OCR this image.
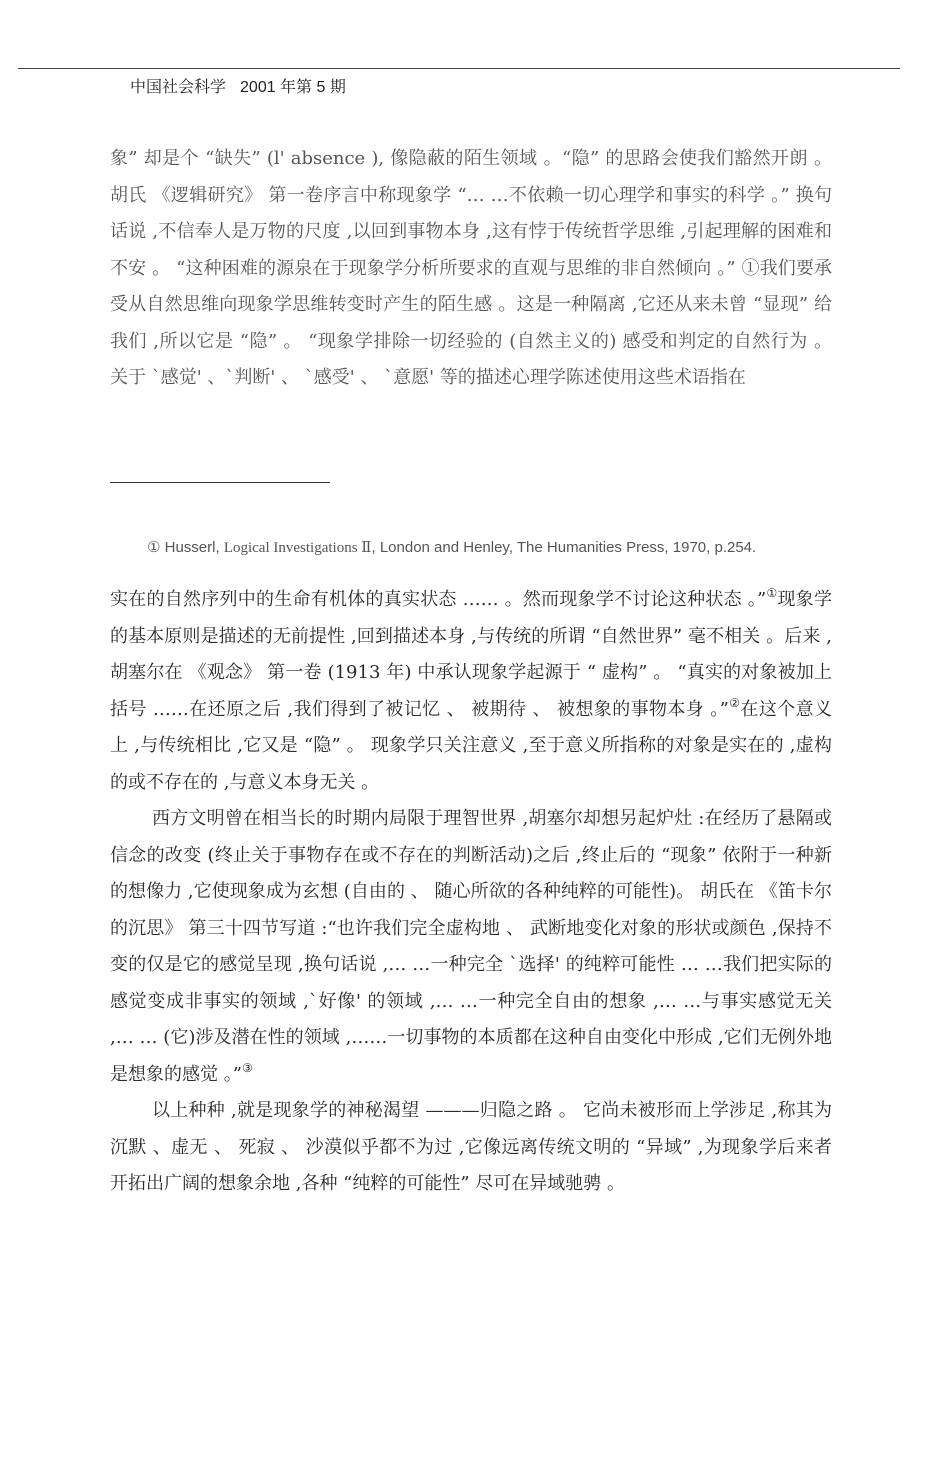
中国社会科学 2001 年第 5 期

象” 却是个 “缺失” (l' absence ), 像隐蔽的陌生领域 。“隐” 的思路会使我们豁然开朗 。 胡氏 《逻辑研究》 第一卷序言中称现象学 “… …不依赖一切心理学和事实的科学 。” 换句话说 ,不信奉人是万物的尺度 ,以回到事物本身 ,这有悖于传统哲学思维 ,引起理解的困难和不安 。 “这种困难的源泉在于现象学分析所要求的直观与思维的非自然倾向 。” ①我们要承受从自然思维向现象学思维转变时产生的陌生感 。这是一种隔离 ,它还从来未曾 “显现” 给我们 ,所以它是 “隐” 。 “现象学排除一切经验的 (自然主义的) 感受和判定的自然行为 。 关于 `感觉' 、`判断' 、 `感受' 、 `意愿' 等的描述心理学陈述使用这些术语指在

① Husserl, Logical Investigations Ⅱ, London and Henley, The Humanities Press, 1970, p.254.

实在的自然序列中的生命有机体的真实状态 …… 。然而现象学不讨论这种状态 。”①现象学的基本原则是描述的无前提性 ,回到描述本身 ,与传统的所谓 “自然世界” 毫不相关 。后来 ,胡塞尔在 《观念》 第一卷 (1913 年) 中承认现象学起源于 “ 虚构” 。 “真实的对象被加上括号 ……在还原之后 ,我们得到了被记忆 、 被期待 、 被想象的事物本身 。”②在这个意义上 ,与传统相比 ,它又是 “隐” 。 现象学只关注意义 ,至于意义所指称的对象是实在的 ,虚构的或不存在的 ,与意义本身无关 。

西方文明曾在相当长的时期内局限于理智世界 ,胡塞尔却想另起炉灶 :在经历了悬隔或信念的改变 (终止关于事物存在或不存在的判断活动)之后 ,终止后的 “现象” 依附于一种新的想像力 ,它使现象成为玄想 (自由的 、 随心所欲的各种纯粹的可能性)。 胡氏在 《笛卡尔的沉思》 第三十四节写道 :“也许我们完全虚构地 、 武断地变化对象的形状或颜色 ,保持不变的仅是它的感觉呈现 ,换句话说 ,… …一种完全 `选择' 的纯粹可能性 … …我们把实际的感觉变成非事实的领域 ,`好像' 的领域 ,… …一种完全自由的想象 ,… …与事实感觉无关 ,… … (它)涉及潜在性的领域 ,……一切事物的本质都在这种自由变化中形成 ,它们无例外地是想象的感觉 。”③

以上种种 ,就是现象学的神秘渴望 ———归隐之路 。 它尚未被形而上学涉足 ,称其为沉默 、虚无 、 死寂 、 沙漠似乎都不为过 ,它像远离传统文明的 “异域” ,为现象学后来者开拓出广阔的想象余地 ,各种 “纯粹的可能性” 尽可在异域驰骋 。
